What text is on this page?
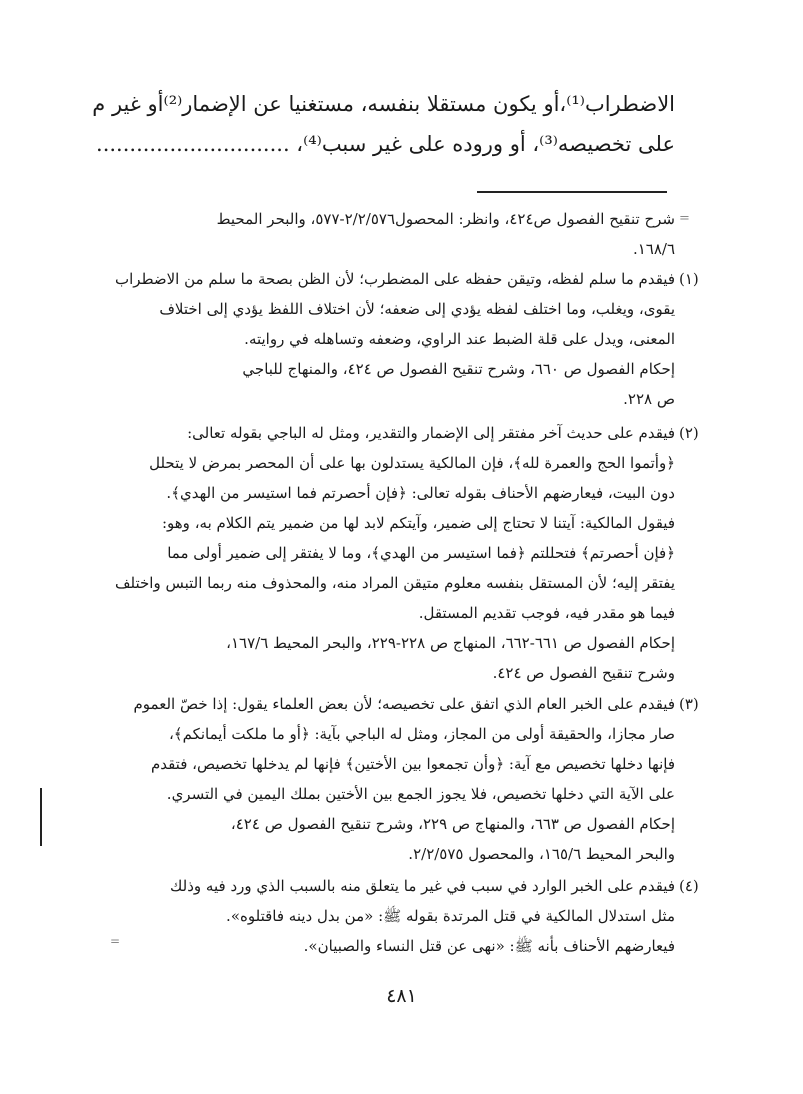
الاضطراب⁽¹⁾،أو يكون مستقلا بنفسه، مستغنيا عن الإضمار⁽²⁾أو غير م
على تخصيصه⁽³⁾، أو وروده على غير سبب⁽⁴⁾، .............................
=
شرح تنقيح الفصول ص٤٢٤، وانظر: المحصول٢/٢/٥٧٦-٥٧٧، والبحر المحيط
١٦٨/٦.
(١)
فيقدم ما سلم لفظه، وتيقن حفظه على المضطرب؛ لأن الظن بصحة ما سلم من الاضطراب
يقوى، ويغلب، وما اختلف لفظه يؤدي إلى ضعفه؛ لأن اختلاف اللفظ يؤدي إلى اختلاف
المعنى، ويدل على قلة الضبط عند الراوي، وضعفه وتساهله في روايته.
إحكام الفصول ص ٦٦٠، وشرح تنقيح الفصول ص ٤٢٤، والمنهاج للباجي
ص ٢٢٨.
(٢)
فيقدم على حديث آخر مفتقر إلى الإضمار والتقدير، ومثل له الباجي بقوله تعالى:
﴿وأتموا الحج والعمرة لله﴾، فإن المالكية يستدلون بها على أن المحصر بمرض لا يتحلل
دون البيت، فيعارضهم الأحناف بقوله تعالى: ﴿فإن أحصرتم فما استيسر من الهدي﴾.
فيقول المالكية: آيتنا لا تحتاج إلى ضمير، وآيتكم لابد لها من ضمير يتم الكلام به، وهو:
﴿فإن أحصرتم﴾ فتحللتم ﴿فما استيسر من الهدي﴾، وما لا يفتقر إلى ضمير أولى مما
يفتقر إليه؛ لأن المستقل بنفسه معلوم متيقن المراد منه، والمحذوف منه ربما التبس واختلف
فيما هو مقدر فيه، فوجب تقديم المستقل.
إحكام الفصول ص ٦٦١-٦٦٢، المنهاج ص ٢٢٨-٢٢٩، والبحر المحيط ١٦٧/٦،
وشرح تنقيح الفصول ص ٤٢٤.
(٣)
فيقدم على الخبر العام الذي اتفق على تخصيصه؛ لأن بعض العلماء يقول: إذا خصّ العموم
صار مجازا، والحقيقة أولى من المجاز، ومثل له الباجي بآية: ﴿أو ما ملكت أيمانكم﴾،
فإنها دخلها تخصيص مع آية: ﴿وأن تجمعوا بين الأختين﴾ فإنها لم يدخلها تخصيص، فتقدم
على الآية التي دخلها تخصيص، فلا يجوز الجمع بين الأختين بملك اليمين في التسري.
إحكام الفصول ص ٦٦٣، والمنهاج ص ٢٢٩، وشرح تنقيح الفصول ص ٤٢٤،
والبحر المحيط ١٦٥/٦، والمحصول ٢/٢/٥٧٥.
(٤)
فيقدم على الخبر الوارد في سبب في غير ما يتعلق منه بالسبب الذي ورد فيه وذلك
مثل استدلال المالكية في قتل المرتدة بقوله ﷺ: «من بدل دينه فاقتلوه».
فيعارضهم الأحناف بأنه ﷺ: «نهى عن قتل النساء والصبيان».
=
٤٨١
